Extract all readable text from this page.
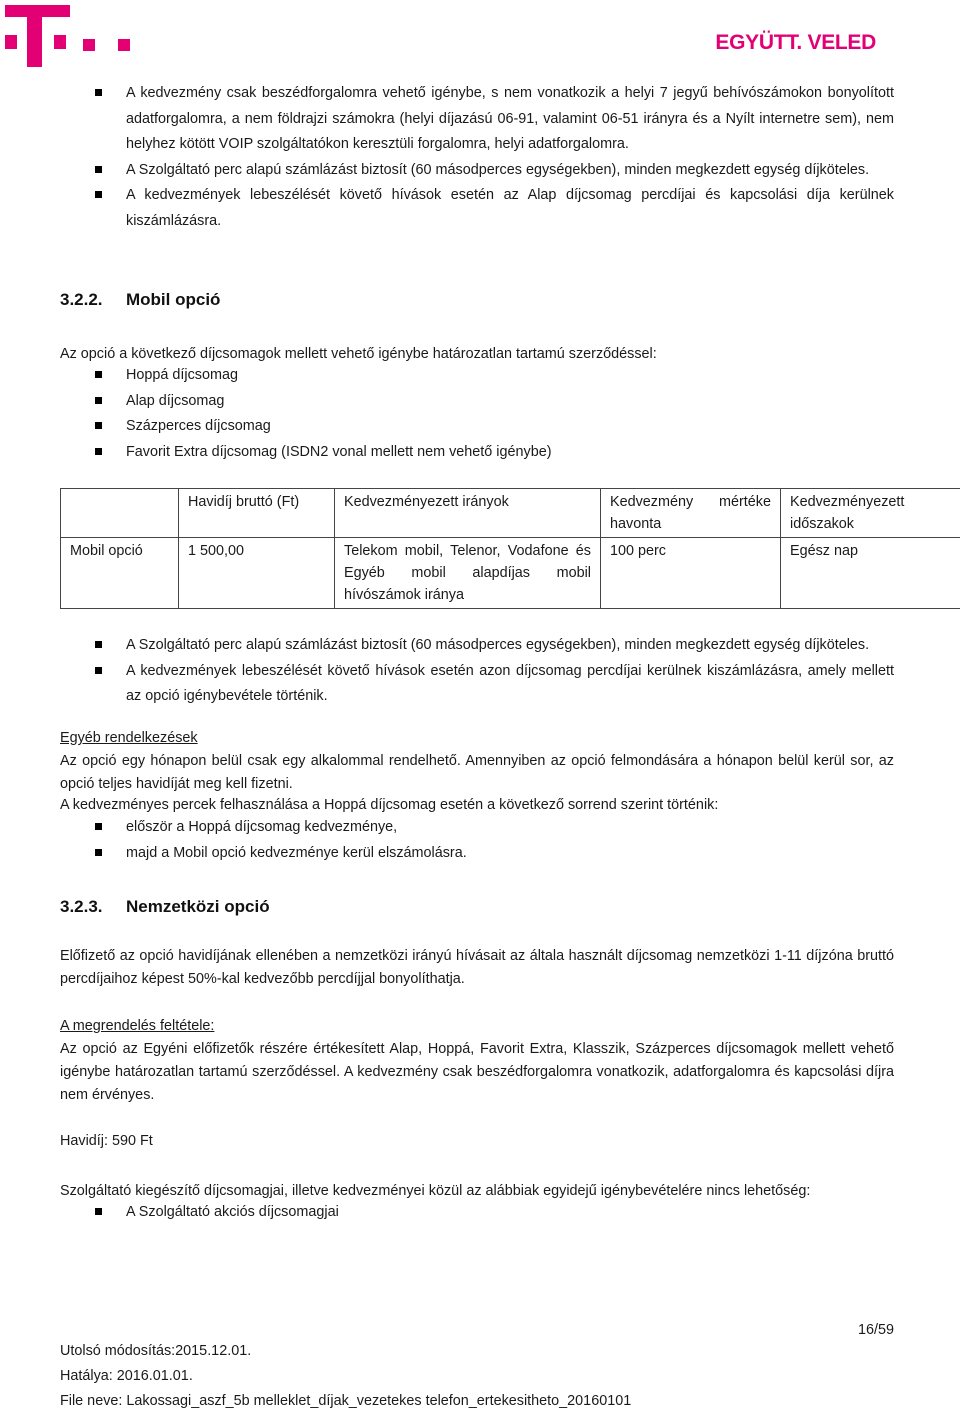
EGYÜTT. VELED
A kedvezmény csak beszédforgalomra vehető igénybe, s nem vonatkozik a helyi 7 jegyű behívószámokon bonyolított adatforgalomra, a nem földrajzi számokra (helyi díjazású 06-91, valamint 06-51 irányra és a Nyílt internetre sem), nem helyhez kötött VOIP szolgáltatókon keresztüli forgalomra, helyi adatforgalomra.
A Szolgáltató perc alapú számlázást biztosít (60 másodperces egységekben), minden megkezdett egység díjköteles.
A kedvezmények lebeszélését követő hívások esetén az Alap díjcsomag percdíjai és kapcsolási díja kerülnek kiszámlázásra.
3.2.2. Mobil opció
Az opció a következő díjcsomagok mellett vehető igénybe határozatlan tartamú szerződéssel:
Hoppá díjcsomag
Alap díjcsomag
Százperces díjcsomag
Favorit Extra díjcsomag (ISDN2 vonal mellett nem vehető igénybe)
	Havidíj bruttó (Ft)	Kedvezményezett irányok	Kedvezmény mértéke havonta	Kedvezményezett időszakok
Mobil opció	1 500,00	Telekom mobil, Telenor, Vodafone és Egyéb mobil alapdíjas mobil hívószámok iránya	100 perc	Egész nap
A Szolgáltató perc alapú számlázást biztosít (60 másodperces egységekben), minden megkezdett egység díjköteles.
A kedvezmények lebeszélését követő hívások esetén azon díjcsomag percdíjai kerülnek kiszámlázásra, amely mellett az opció igénybevétele történik.
Egyéb rendelkezések
Az opció egy hónapon belül csak egy alkalommal rendelhető. Amennyiben az opció felmondására a hónapon belül kerül sor, az opció teljes havidíját meg kell fizetni.
A kedvezményes percek felhasználása a Hoppá díjcsomag esetén a következő sorrend szerint történik:
először a Hoppá díjcsomag kedvezménye,
majd a Mobil opció kedvezménye kerül elszámolásra.
3.2.3. Nemzetközi opció
Előfizető az opció havidíjának ellenében a nemzetközi irányú hívásait az általa használt díjcsomag nemzetközi 1-11 díjzóna bruttó percdíjaihoz képest 50%-kal kedvezőbb percdíjjal bonyolíthatja.
A megrendelés feltétele:
Az opció az Egyéni előfizetők részére értékesített Alap, Hoppá, Favorit Extra, Klasszik, Százperces díjcsomagok mellett vehető igénybe határozatlan tartamú szerződéssel. A kedvezmény csak beszédforgalomra vonatkozik, adatforgalomra és kapcsolási díjra nem érvényes.
Havidíj: 590 Ft
Szolgáltató kiegészítő díjcsomagjai, illetve kedvezményei közül az alábbiak egyidejű igénybevételére nincs lehetőség:
A Szolgáltató akciós díjcsomagjai
16/59
Utolsó módosítás:2015.12.01.
Hatálya: 2016.01.01.
File neve: Lakossagi_aszf_5b melleklet_díjak_vezetekes telefon_ertekesitheto_20160101
